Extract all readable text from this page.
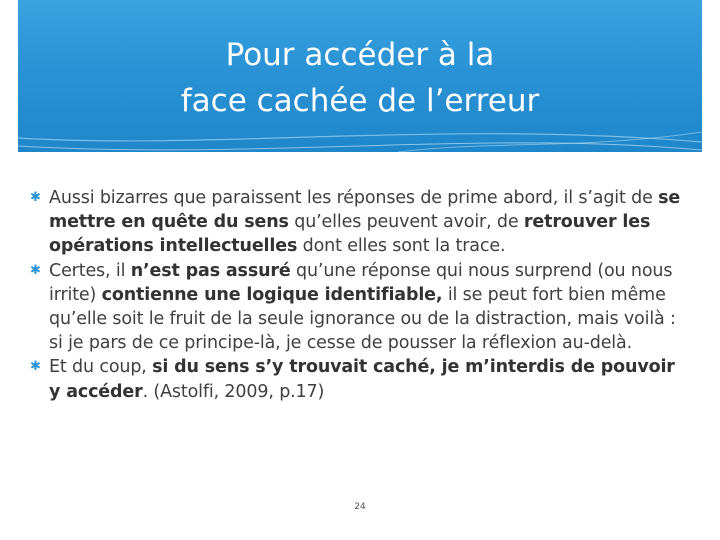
Pour accéder à la
face cachée de l’erreur
✱ Aussi bizarres que paraissent les réponses de prime abord, il s’agit de se mettre en quête du sens qu’elles peuvent avoir, de retrouver les opérations intellectuelles dont elles sont la trace.
✱ Certes, il n’est pas assuré qu’une réponse qui nous surprend (ou nous irrite) contienne une logique identifiable, il se peut fort bien même qu’elle soit le fruit de la seule ignorance ou de la distraction, mais voilà : si je pars de ce principe-là, je cesse de pousser la réflexion au-delà.
✱ Et du coup, si du sens s’y trouvait caché, je m’interdis de pouvoir y accéder. (Astolfi, 2009, p.17)
24
